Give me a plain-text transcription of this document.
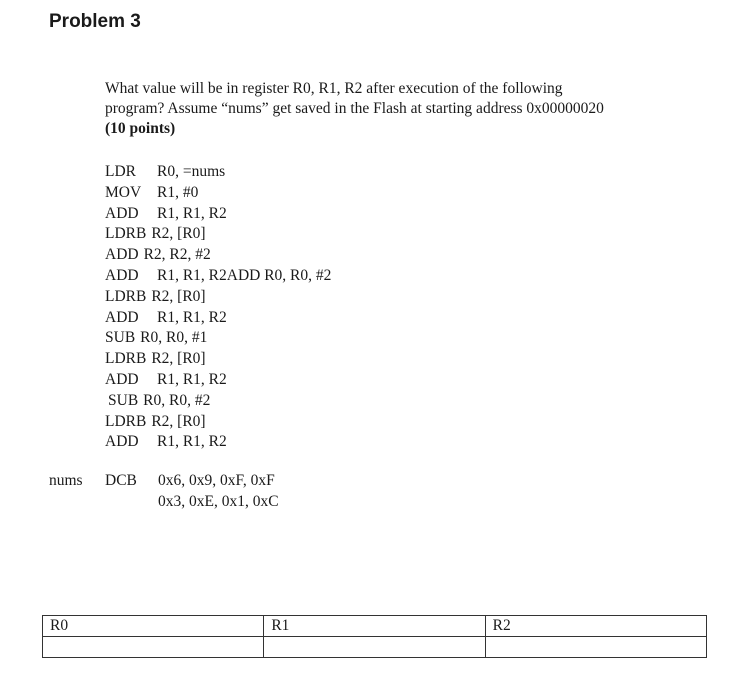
Problem 3
What value will be in register R0, R1, R2 after execution of the following
program? Assume “nums” get saved in the Flash at starting address 0x00000020
(10 points)
LDR R0, =nums
MOV R1, #0
ADD R1, R1, R2
LDRB R2, [R0]
ADD R2, R2, #2
ADD R1, R1, R2ADD R0, R0, #2
LDRB R2, [R0]
ADD R1, R1, R2
SUB R0, R0, #1
LDRB R2, [R0]
ADD R1, R1, R2
SUB R0, R0, #2
LDRB R2, [R0]
ADD R1, R1, R2
nums DCB 0x6, 0x9, 0xF, 0xF
0x3, 0xE, 0x1, 0xC
R0	R1	R2
